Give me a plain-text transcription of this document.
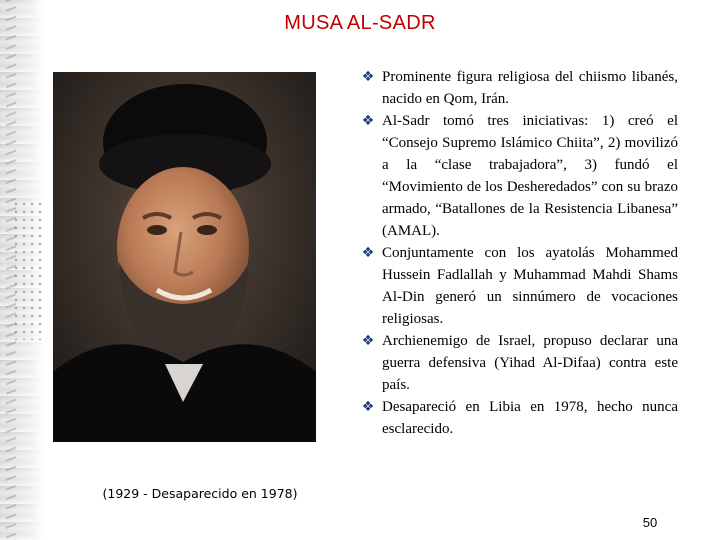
MUSA AL-SADR
(1929 - Desaparecido en 1978)
❖ Prominente figura religiosa del chiismo libanés, nacido en Qom, Irán.
❖ Al-Sadr tomó tres iniciativas: 1) creó el “Consejo Supremo Islámico Chiita”, 2) movilizó a la “clase trabajadora”, 3) fundó el “Movimiento de los Desheredados” con su brazo armado, “Batallones de la Resistencia Libanesa” (AMAL).
❖ Conjuntamente con los ayatolás Mohammed Hussein Fadlallah y Muhammad Mahdi Shams Al-Din generó un sinnúmero de vocaciones religiosas.
❖ Archienemigo de Israel, propuso declarar una guerra defensiva (Yihad Al-Difaa) contra este país.
❖ Desapareció en Libia en 1978, hecho nunca esclarecido.
50
